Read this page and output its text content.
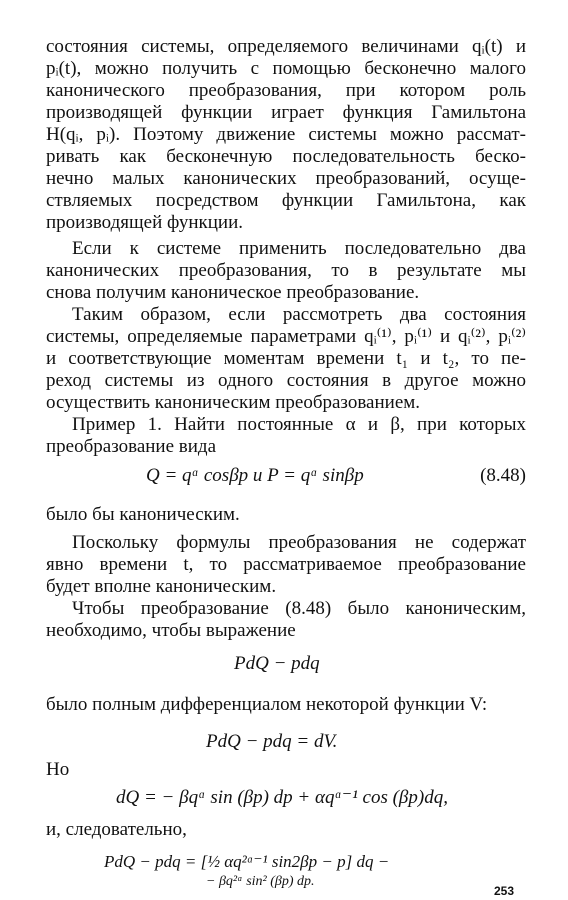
состояния системы, определяемого величинами qᵢ(t) и
pᵢ(t), можно получить с помощью бесконечно малого
канонического преобразования, при котором роль
производящей функции играет функция Гамильтона
H(qᵢ, pᵢ). Поэтому движение системы можно рассмат-
ривать как бесконечную последовательность беско-
нечно малых канонических преобразований, осуще-
ствляемых посредством функции Гамильтона, как
производящей функции.
Если к системе применить последовательно два
канонических преобразования, то в результате мы
снова получим каноническое преобразование.
Таким образом, если рассмотреть два состояния
системы, определяемые параметрами qᵢ⁽¹⁾, pᵢ⁽¹⁾ и qᵢ⁽²⁾, pᵢ⁽²⁾
и соответствующие моментам времени t₁ и t₂, то пе-
реход системы из одного состояния в другое можно
осуществить каноническим преобразованием.
Пример 1. Найти постоянные α и β, при которых
преобразование вида
Q = qᵅ cosβp и P = qᵅ sinβp	(8.48)
было бы каноническим.
Поскольку формулы преобразования не содержат
явно времени t, то рассматриваемое преобразование
будет вполне каноническим.
Чтобы преобразование (8.48) было каноническим,
необходимо, чтобы выражение
PdQ − pdq
было полным дифференциалом некоторой функции V:
PdQ − pdq = dV.
Но
dQ = − βqᵅ sin (βp) dp + αqᵅ⁻¹ cos (βp)dq,
и, следовательно,
PdQ − pdq = [½ αq²ᵅ⁻¹ sin2βp − p] dq −
− βq²ᵅ sin² (βp) dp.
253
